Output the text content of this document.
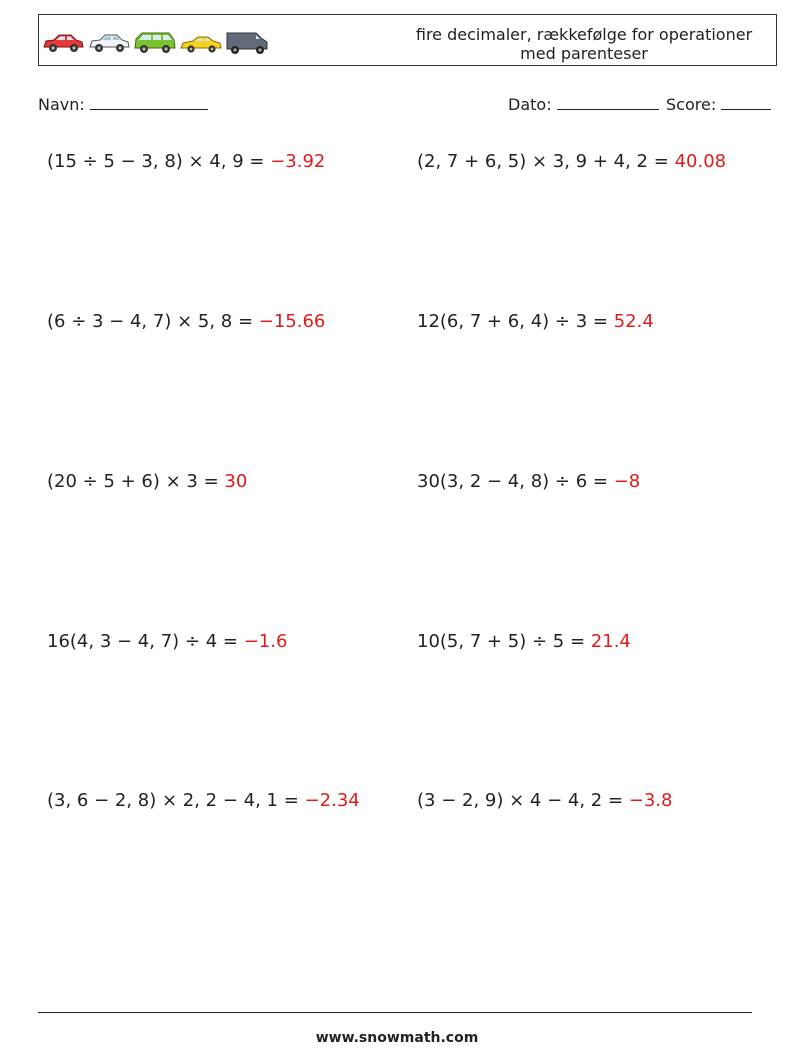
fire decimaler, rækkefølge for operationer
med parenteser
Navn:	Dato:	Score:
(15 ÷ 5 − 3, 8) × 4, 9 = −3.92	(2, 7 + 6, 5) × 3, 9 + 4, 2 = 40.08
(6 ÷ 3 − 4, 7) × 5, 8 = −15.66	12(6, 7 + 6, 4) ÷ 3 = 52.4
(20 ÷ 5 + 6) × 3 = 30	30(3, 2 − 4, 8) ÷ 6 = −8
16(4, 3 − 4, 7) ÷ 4 = −1.6	10(5, 7 + 5) ÷ 5 = 21.4
(3, 6 − 2, 8) × 2, 2 − 4, 1 = −2.34	(3 − 2, 9) × 4 − 4, 2 = −3.8
www.snowmath.com
